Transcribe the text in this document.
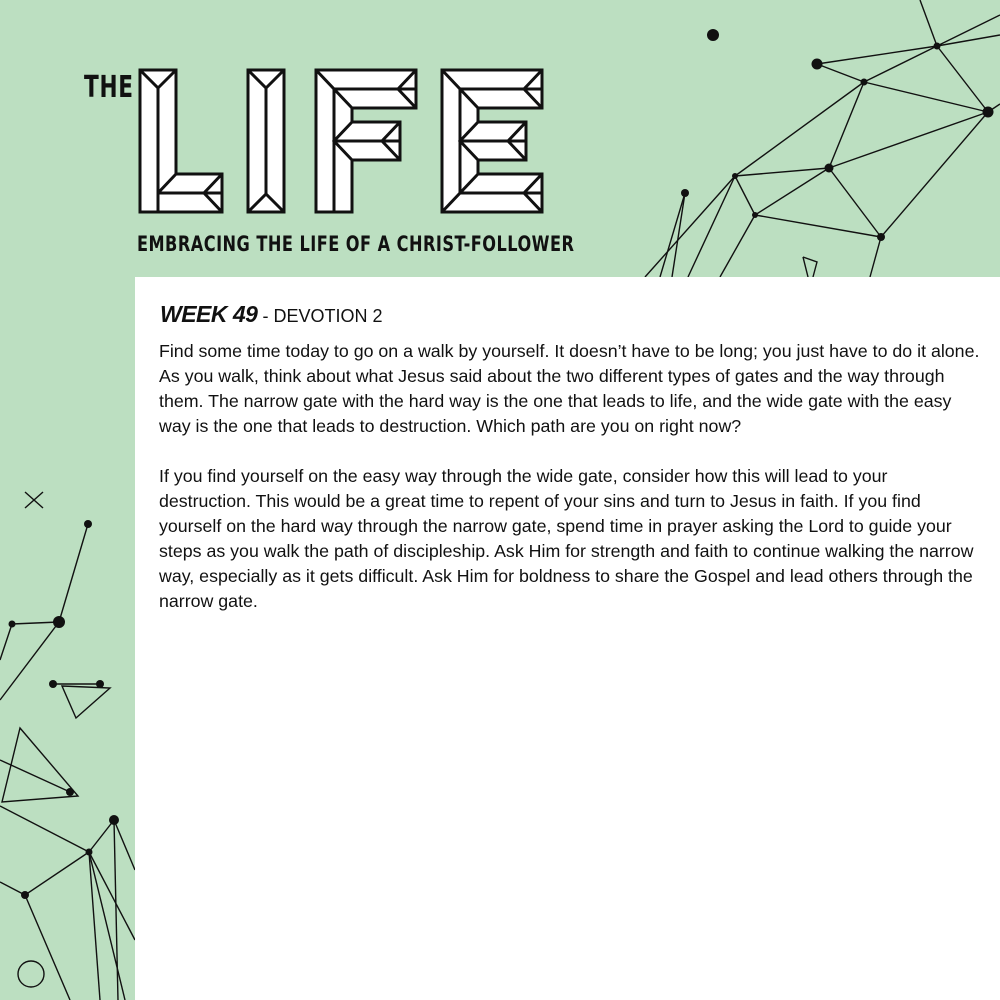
THE
EMBRACING THE LIFE OF A CHRIST-FOLLOWER
WEEK 49 - DEVOTION 2

Find some time today to go on a walk by yourself. It doesn’t have to be long; you just have to do it alone. As you walk, think about what Jesus said about the two different types of gates and the way through them. The narrow gate with the hard way is the one that leads to life, and the wide gate with the easy way is the one that leads to destruction. Which path are you on right now?

If you find yourself on the easy way through the wide gate, consider how this will lead to your destruction. This would be a great time to repent of your sins and turn to Jesus in faith. If you find yourself on the hard way through the narrow gate, spend time in prayer asking the Lord to guide your steps as you walk the path of discipleship. Ask Him for strength and faith to continue walking the narrow way, especially as it gets difficult. Ask Him for boldness to share the Gospel and lead others through the narrow gate.
